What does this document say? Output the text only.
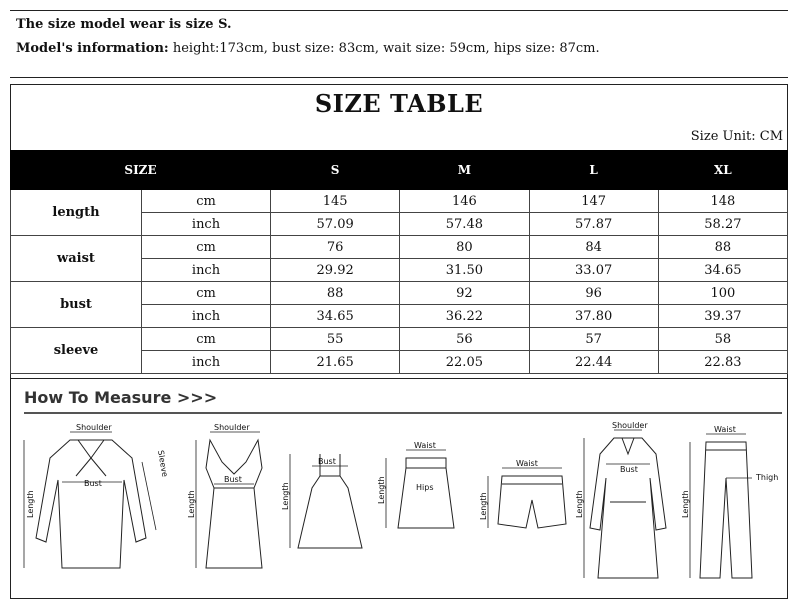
The size model wear is size S.
Model's information: height:173cm, bust size: 83cm, wait size: 59cm, hips size: 87cm.
SIZE TABLE
Size Unit: CM
SIZE		S	M	L	XL
length	cm	145	146	147	148
	inch	57.09	57.48	57.87	58.27
waist	cm	76	80	84	88
	inch	29.92	31.50	33.07	34.65
bust	cm	88	92	96	100
	inch	34.65	36.22	37.80	39.37
sleeve	cm	55	56	57	58
	inch	21.65	22.05	22.44	22.83
How To Measure >>>
Shoulder
Bust
Length
Sleeve
Shoulder
Bust
Length
Bust
Length
Waist
Hips
Length
Waist
Length
Shoulder
Bust
Length
Waist
Thigh
Length
